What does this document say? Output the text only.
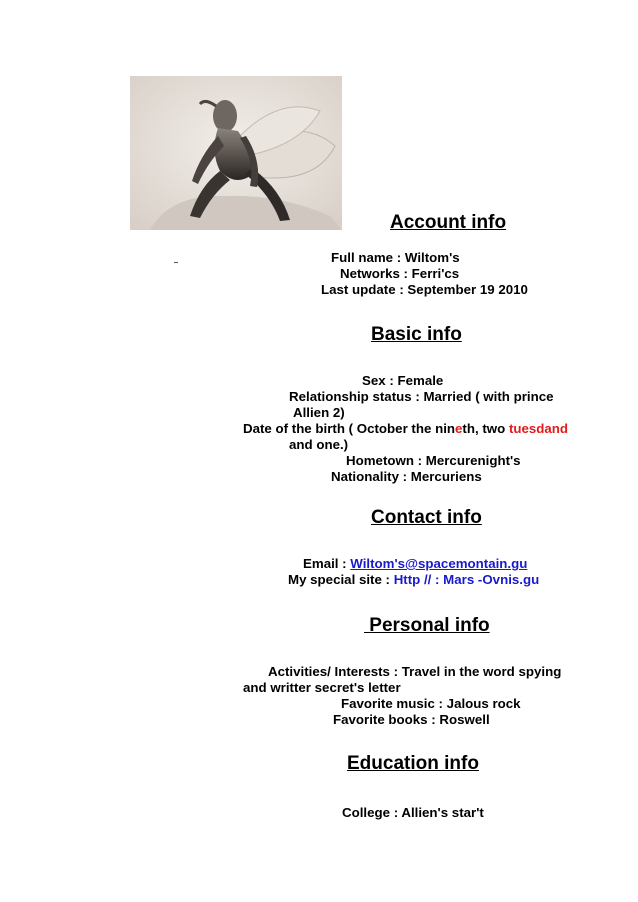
Account info
Full name : Wiltom's
Networks : Ferri'cs
Last update : September 19 2010
Basic info
Sex : Female
Relationship status : Married ( with prince
Allien 2)
Date of the birth ( October the nineth, two tuesdand
and one.)
Hometown : Mercurenight's
Nationality : Mercuriens
Contact info
Email : Wiltom's@spacemontain.gu
My special site : Http // : Mars -Ovnis.gu
Personal info
Activities/ Interests : Travel in the word spying
and writter secret's letter
Favorite music : Jalous rock
Favorite books : Roswell
Education info
College : Allien's star't
